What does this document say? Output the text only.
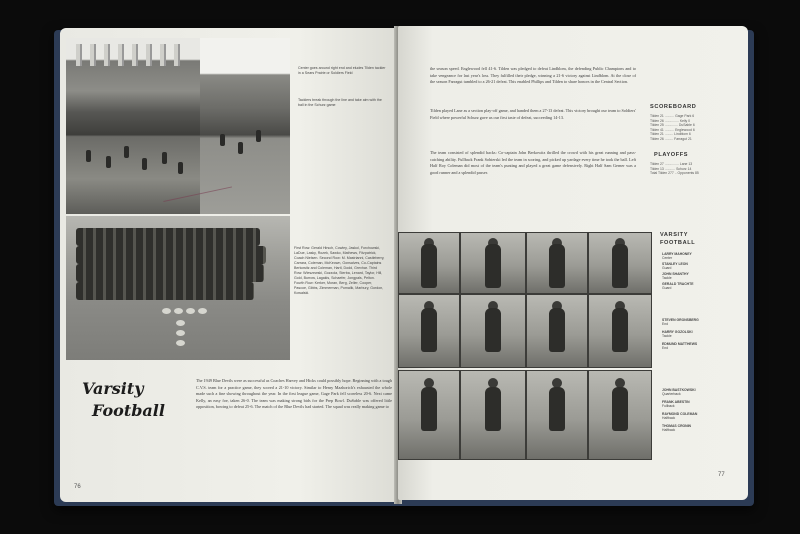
Center goes around right end and eludes Tilden tackler in a Sears Prairie or Soldiers Field
Tacklers break through the line and take aim with the ball in the Schurz game
First Row: Gerald Hirsch, Cowley, Jaskol, Forchowski, LaDue, Lasky, Rozek, Sawko, Mathews, Fitzpatrick, Coach Nielsen. Second Row: M. Mastrianni, Castleberry, Carrara, Coleman, McKeown, Gonsalves, Co-Captains Berkowitz and Coleman, Hartl, Dodd, Grevhar. Third Row: Wieszewski, Gozzola, Sterba, Lenard, Taylor, Hill, Gold, Burrow, Lagakis, Schaefer, Jongpals, Pelton. Fourth Row: Kerker, Moran, Berg, Zeller, Cooper, Pascoe, Gibbs, Zimmerman, Pomalik, Marbury, Gordon, Kowalski.
Varsity
Football
The 1949 Blue Devils were as successful as Coaches Harvey and Hicks could possibly hope. Beginning with a tough C.V.S. team for a practice game, they scored a 21-10 victory. Similar to Henry Mazhorich's exhausted the whole made such a fine showing throughout the year. In the first league game, Gage Park fell scoreless 20-6. Next came Kelly, an easy foe, taken 26-0. The team was making strong bids for the Prep Bowl. DuSable was offered little opposition, bowing to defeat 25-6. The match of the Blue Devils had started. The squad was really making game to
76
the season speed. Englewood fell 41-6. Tilden was pledged to defeat Lindblom, the defending Public Champions and to take vengeance for last year's loss. They fulfilled their pledge, winning a 21-6 victory against Lindblom. At the close of the season Farragut tumbled to a 26-21 defeat. This enabled Phillips and Tilden to share honors in the Central Section.
Tilden played Lane as a section play-off game, and handed them a 27-13 defeat. This victory brought our team to Soldiers' Field where powerful Schurz gave us our first taste of defeat, succeeding 14-13.
The team consisted of splendid backs: Co-captain John Berkowitz thrilled the crowd with his great running and pass-catching ability. Fullback Frank Sobierski led the team in scoring, and picked up yardage every time he took the ball. Left Half Roy Coleman did most of the team's punting and played a great game defensively. Right Half Sam Gerner was a good runner and a splendid passer.
SCOREBOARD
Tilden 21 .......... Gage Park 6
Tilden 26 ............... Kelly 0
Tilden 25 .............. DuSable 6
Tilden 41 .......... Englewood 6
Tilden 21 ......... Lindblom 6
Tilden 26 ......... Farragut 21
PLAYOFFS
Tilden 27 ............... Lane 13
Tilden 13 ........... Schurz 14
Total Tilden 277 .. Opponents 85
VARSITY
FOOTBALL
LARRY MAHONEY
Center
STANLEY LEON
Guard
JOHN SHANTHY
Tackle
GERALD TRACHTE
Guard
STEVEN GRONSBERG
End
HARRY GOZOLSKI
Tackle
EDMUND MATTHEWS
End
JOHN BASTKOWSKI
Quarterback
FRANK ABESTIN
Fullback
RAYMOND COLEMAN
Halfback
THOMAS CRONIN
Halfback
77
